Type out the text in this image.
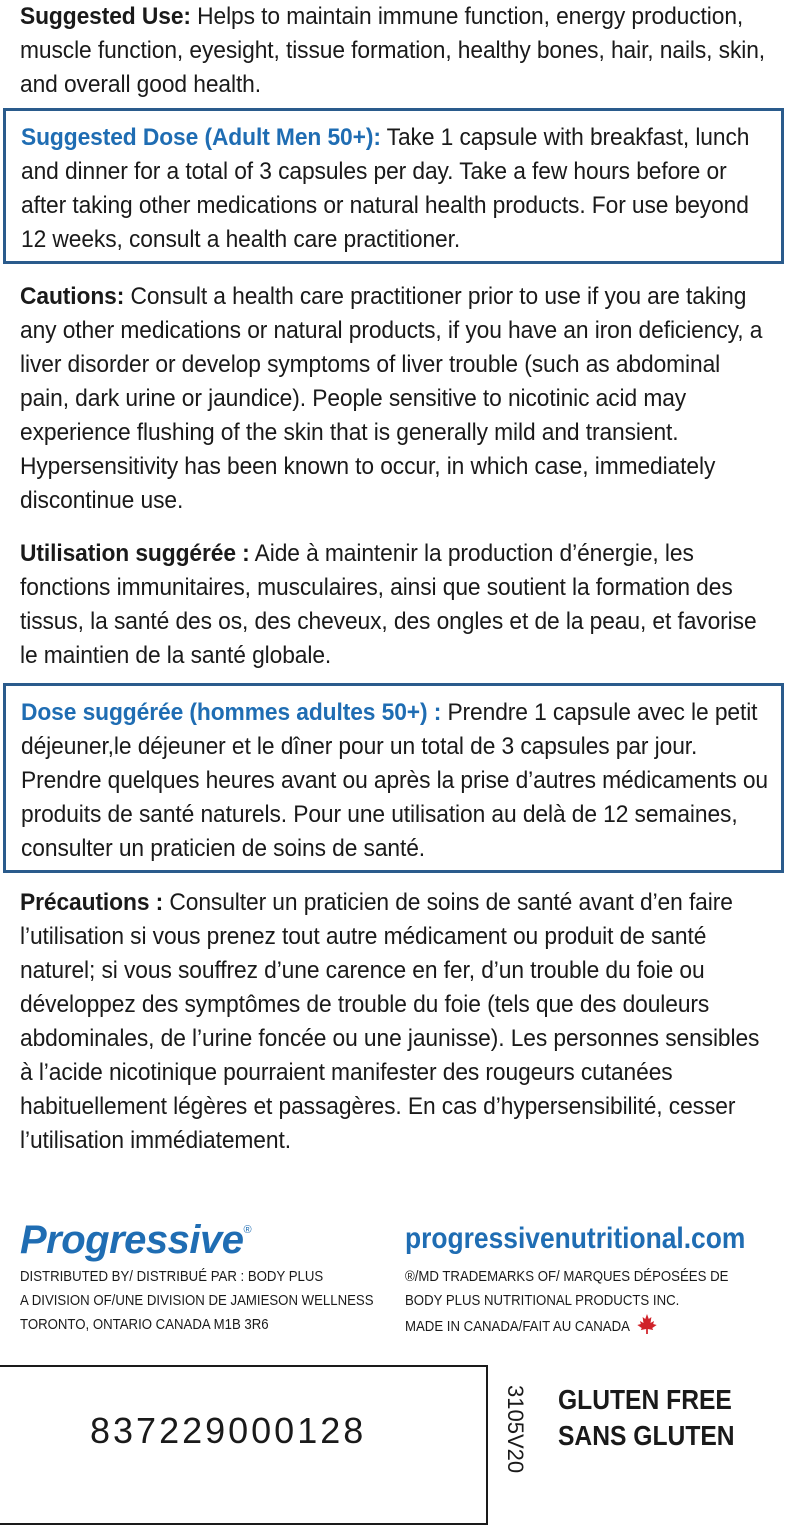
Suggested Use: Helps to maintain immune function, energy production, muscle function, eyesight, tissue formation, healthy bones, hair, nails, skin, and overall good health.
Suggested Dose (Adult Men 50+): Take 1 capsule with breakfast, lunch and dinner for a total of 3 capsules per day. Take a few hours before or after taking other medications or natural health products. For use beyond 12 weeks, consult a health care practitioner.
Cautions: Consult a health care practitioner prior to use if you are taking any other medications or natural products, if you have an iron deficiency, a liver disorder or develop symptoms of liver trouble (such as abdominal pain, dark urine or jaundice). People sensitive to nicotinic acid may experience flushing of the skin that is generally mild and transient. Hypersensitivity has been known to occur, in which case, immediately discontinue use.
Utilisation suggérée : Aide à maintenir la production d’énergie, les fonctions immunitaires, musculaires, ainsi que soutient la formation des tissus, la santé des os, des cheveux, des ongles et de la peau, et favorise le maintien de la santé globale.
Dose suggérée (hommes adultes 50+) : Prendre 1 capsule avec le petit déjeuner,le déjeuner et le dîner pour un total de 3 capsules par jour. Prendre quelques heures avant ou après la prise d’autres médicaments ou produits de santé naturels. Pour une utilisation au delà de 12 semaines, consulter un praticien de soins de santé.
Précautions : Consulter un praticien de soins de santé avant d’en faire l’utilisation si vous prenez tout autre médicament ou produit de santé naturel; si vous souffrez d’une carence en fer, d’un trouble du foie ou développez des symptômes de trouble du foie (tels que des douleurs abdominales, de l’urine foncée ou une jaunisse). Les personnes sensibles à l’acide nicotinique pourraient manifester des rougeurs cutanées habituellement légères et passagères. En cas d’hypersensibilité, cesser l’utilisation immédiatement.
Progressive®
DISTRIBUTED BY/ DISTRIBUÉ PAR : BODY PLUS
A DIVISION OF/UNE DIVISION DE JAMIESON WELLNESS
TORONTO, ONTARIO CANADA M1B 3R6
progressivenutritional.com
®/MD TRADEMARKS OF/ MARQUES DÉPOSÉES DE
BODY PLUS NUTRITIONAL PRODUCTS INC.
MADE IN CANADA/FAIT AU CANADA
837229000128	3105V20 GLUTEN FREE
SANS GLUTEN
